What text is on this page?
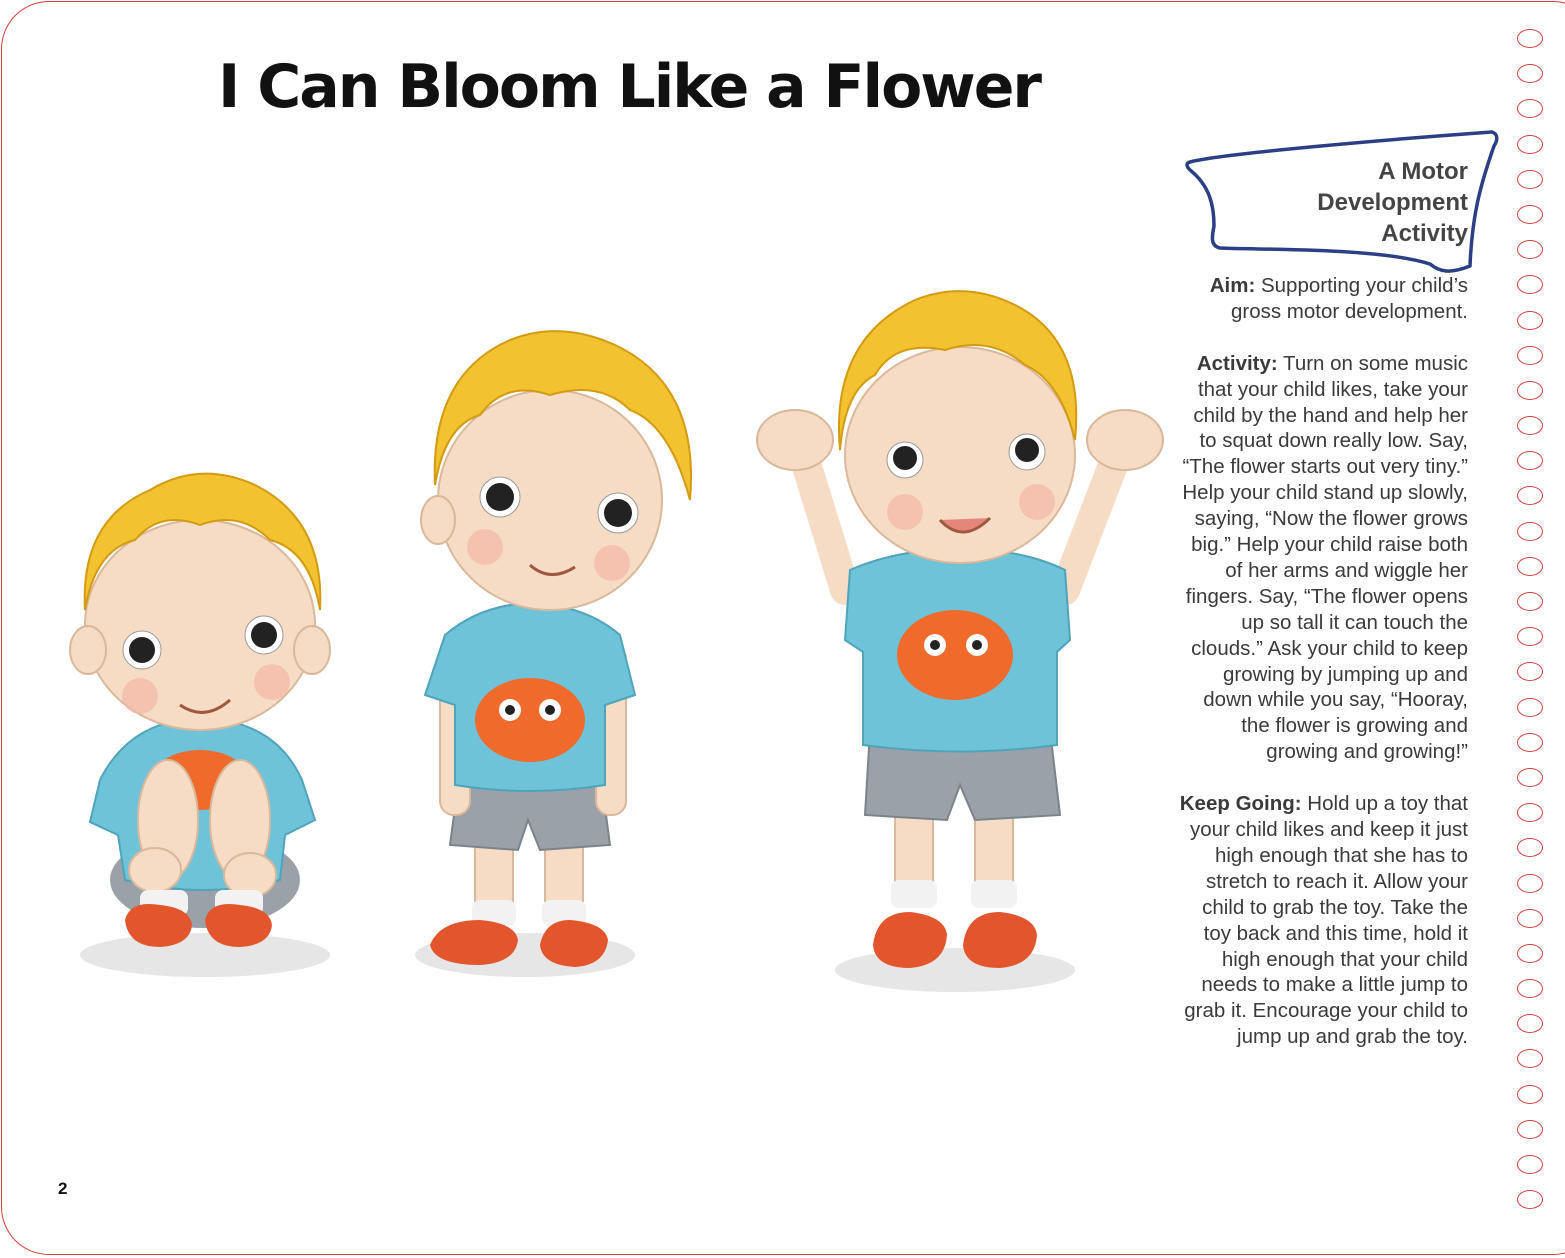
I Can Bloom Like a Flower
A Motor
Development
Activity

Aim: Supporting your child’s gross motor development.

Activity: Turn on some music that your child likes, take your child by the hand and help her to squat down really low. Say, “The flower starts out very tiny.” Help your child stand up slowly, saying, “Now the flower grows big.” Help your child raise both of her arms and wiggle her fingers. Say, “The flower opens up so tall it can touch the clouds.” Ask your child to keep growing by jumping up and down while you say, “Hooray, the flower is growing and growing and growing!”

Keep Going: Hold up a toy that your child likes and keep it just high enough that she has to stretch to reach it. Allow your child to grab the toy. Take the toy back and this time, hold it high enough that your child needs to make a little jump to grab it. Encourage your child to jump up and grab the toy.

2
